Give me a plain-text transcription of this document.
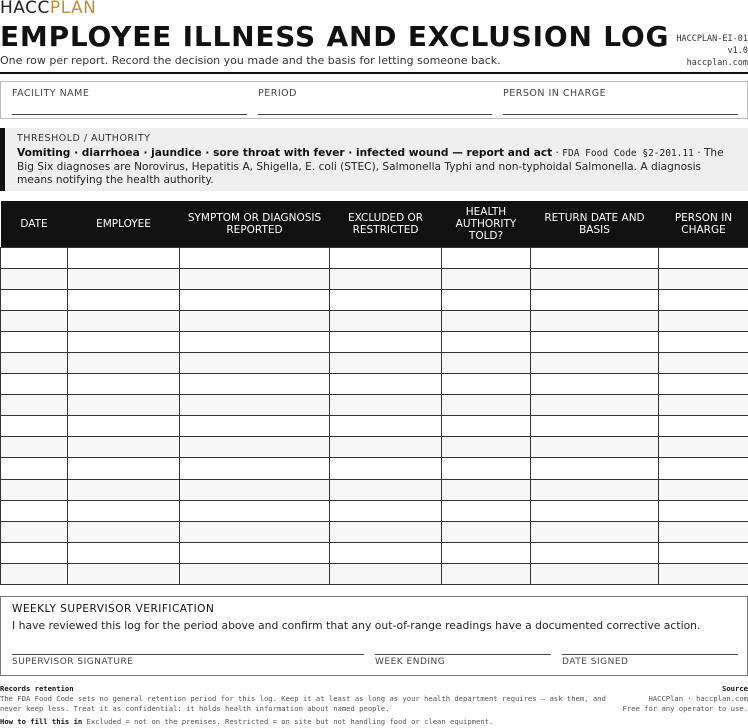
HACCPLAN
EMPLOYEE ILLNESS AND EXCLUSION LOG
One row per report. Record the decision you made and the basis for letting someone back.
HACCPLAN-EI-01
v1.0
haccplan.com
FACILITY NAME	PERIOD	PERSON IN CHARGE
THRESHOLD / AUTHORITY
Vomiting · diarrhoea · jaundice · sore throat with fever · infected wound — report and act · FDA Food Code §2-201.11 · The Big Six diagnoses are Norovirus, Hepatitis A, Shigella, E. coli (STEC), Salmonella Typhi and non-typhoidal Salmonella. A diagnosis means notifying the health authority.
DATE	EMPLOYEE	SYMPTOM OR DIAGNOSIS REPORTED	EXCLUDED OR RESTRICTED	HEALTH AUTHORITY TOLD?	RETURN DATE AND BASIS	PERSON IN CHARGE

WEEKLY SUPERVISOR VERIFICATION
I have reviewed this log for the period above and confirm that any out-of-range readings have a documented corrective action.
SUPERVISOR SIGNATURE	WEEK ENDING	DATE SIGNED
Records retention
The FDA Food Code sets no general retention period for this log. Keep it at least as long as your health department requires — ask them, and never keep less. Treat it as confidential: it holds health information about named people.
Source
HACCPlan · haccplan.com
Free for any operator to use.
How to fill this in Excluded = not on the premises. Restricted = on site but not handling food or clean equipment.
